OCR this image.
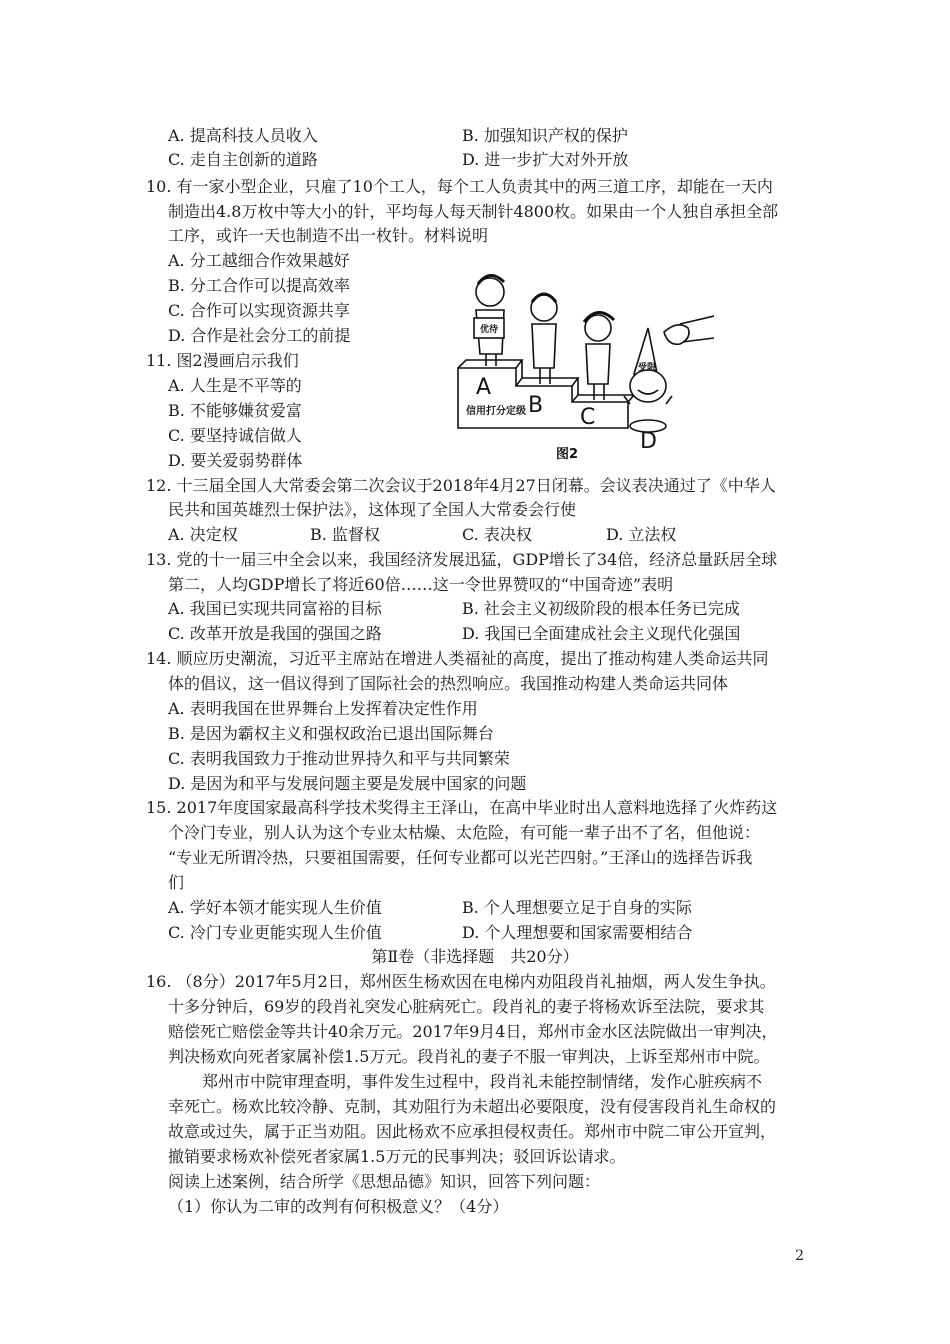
A. 提高科技人员收入	B. 加强知识产权的保护
C. 走自主创新的道路	D. 进一步扩大对外开放
10. 有一家小型企业，只雇了10个工人，每个工人负责其中的两三道工序，却能在一天内
制造出4.8万枚中等大小的针，平均每人每天制针4800枚。如果由一个人独自承担全部
工序，或许一天也制造不出一枚针。材料说明
A. 分工越细合作效果越好
B. 分工合作可以提高效率
C. 合作可以实现资源共享
D. 合作是社会分工的前提
11. 图2漫画启示我们
A. 人生是不平等的
B. 不能够嫌贫爱富
C. 要坚持诚信做人
D. 要关爱弱势群体
优待
受限
A
B C
D
信用打分定级
图2
12. 十三届全国人大常委会第二次会议于2018年4月27日闭幕。会议表决通过了《中华人
民共和国英雄烈士保护法》，这体现了全国人大常委会行使
A. 决定权	B. 监督权	C. 表决权	D. 立法权
13. 党的十一届三中全会以来，我国经济发展迅猛，GDP增长了34倍，经济总量跃居全球
第二，人均GDP增长了将近60倍……这一令世界赞叹的“中国奇迹”表明
A. 我国已实现共同富裕的目标	B. 社会主义初级阶段的根本任务已完成
C. 改革开放是我国的强国之路	D. 我国已全面建成社会主义现代化强国
14. 顺应历史潮流，习近平主席站在增进人类福祉的高度，提出了推动构建人类命运共同
体的倡议，这一倡议得到了国际社会的热烈响应。我国推动构建人类命运共同体
A. 表明我国在世界舞台上发挥着决定性作用
B. 是因为霸权主义和强权政治已退出国际舞台
C. 表明我国致力于推动世界持久和平与共同繁荣
D. 是因为和平与发展问题主要是发展中国家的问题
15. 2017年度国家最高科学技术奖得主王泽山，在高中毕业时出人意料地选择了火炸药这
个冷门专业，别人认为这个专业太枯燥、太危险，有可能一辈子出不了名，但他说：
“专业无所谓冷热，只要祖国需要，任何专业都可以光芒四射。”王泽山的选择告诉我
们
A. 学好本领才能实现人生价值	B. 个人理想要立足于自身的实际
C. 冷门专业更能实现人生价值	D. 个人理想要和国家需要相结合
第Ⅱ卷（非选择题　共20分）
16. （8分）2017年5月2日，郑州医生杨欢因在电梯内劝阻段肖礼抽烟，两人发生争执。
十多分钟后，69岁的段肖礼突发心脏病死亡。段肖礼的妻子将杨欢诉至法院，要求其
赔偿死亡赔偿金等共计40余万元。2017年9月4日，郑州市金水区法院做出一审判决，
判决杨欢向死者家属补偿1.5万元。段肖礼的妻子不服一审判决，上诉至郑州市中院。
郑州市中院审理查明，事件发生过程中，段肖礼未能控制情绪，发作心脏疾病不
幸死亡。杨欢比较冷静、克制，其劝阻行为未超出必要限度，没有侵害段肖礼生命权的
故意或过失，属于正当劝阻。因此杨欢不应承担侵权责任。郑州市中院二审公开宣判，
撤销要求杨欢补偿死者家属1.5万元的民事判决；驳回诉讼请求。
阅读上述案例，结合所学《思想品德》知识，回答下列问题：
（1）你认为二审的改判有何积极意义？（4分）
2
